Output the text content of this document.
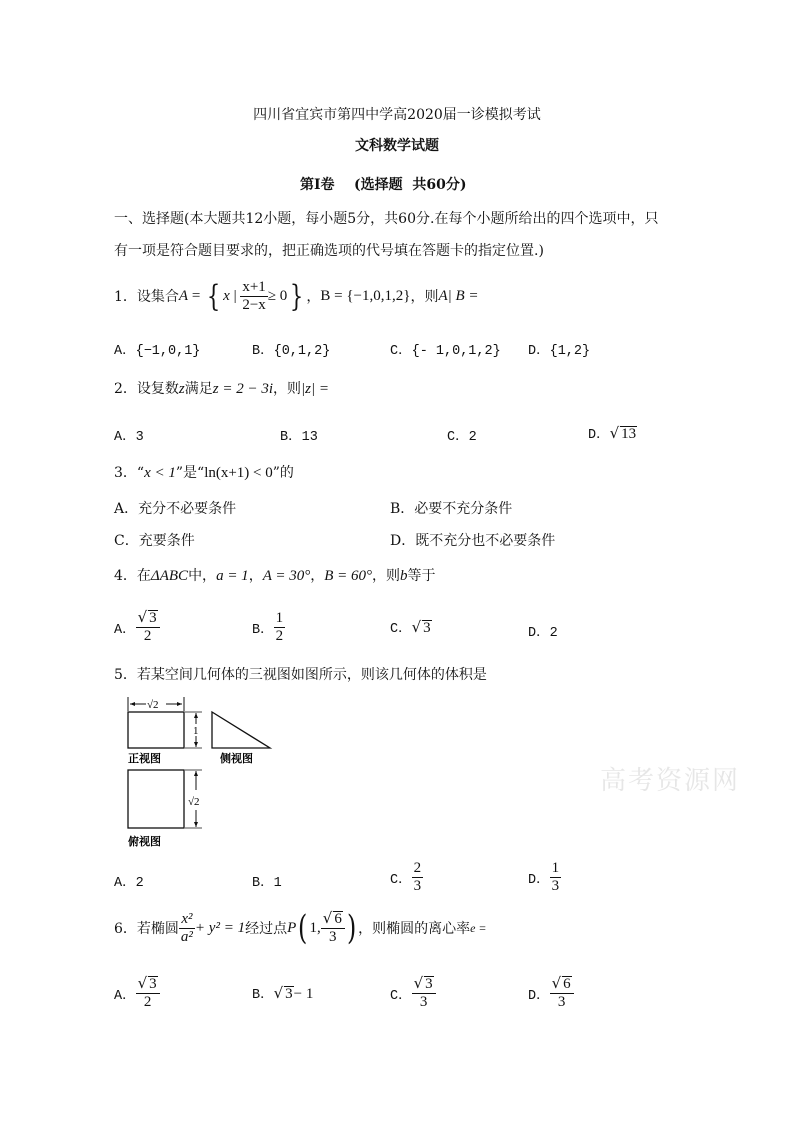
四川省宜宾市第四中学高2020届一诊模拟考试
文科数学试题
第I卷    (选择题  共60分)
一、选择题(本大题共12小题，每小题5分，共60分.在每个小题所给出的四个选项中，只
有一项是符合题目要求的，把正确选项的代号填在答题卡的指定位置.)
1．设集合 A = { x | $\frac{x+1}{2-x} \ge 0$ } ， B = {−1,0,1,2} ，则 A| B =
A．{−1,0,1}	B．{0,1,2}	C．{- 1,0,1,2} D．{1,2}
2．设复数z满足z = 2 − 3i，则|z| =
A．3	B．13	C．2	D．√ 13
3．“x < 1”是“ln(x+1) < 0”的
A．充分不必要条件	B．必要不充分条件
C．充要条件	D．既不充分也不必要条件
4．在ΔABC中，a = 1，A = 30°，B = 60°，则b等于
A． $\frac{√ 3}{2}$	B． $\frac{1}{2}$	C．√ 3	D．2
5．若某空间几何体的三视图如图所示，则该几何体的体积是
√2
1
正视图	侧视图
√2
俯视图
高考资源网
A．2	B．1	C． $\frac{2}{3}$	D． $\frac{1}{3}$
6．若椭圆 $\frac{\text{x²}}{\text{a²}} + y^2 = 1$ 经过点 P ( 1, $\frac{√ 6}{3}$ ) ，则椭圆的离心率 e =
A． $\frac{√ 3}{2}$	B．√ 3− 1	C． $\frac{√ 3}{3}$	D． $\frac{√ 6}{3}$
